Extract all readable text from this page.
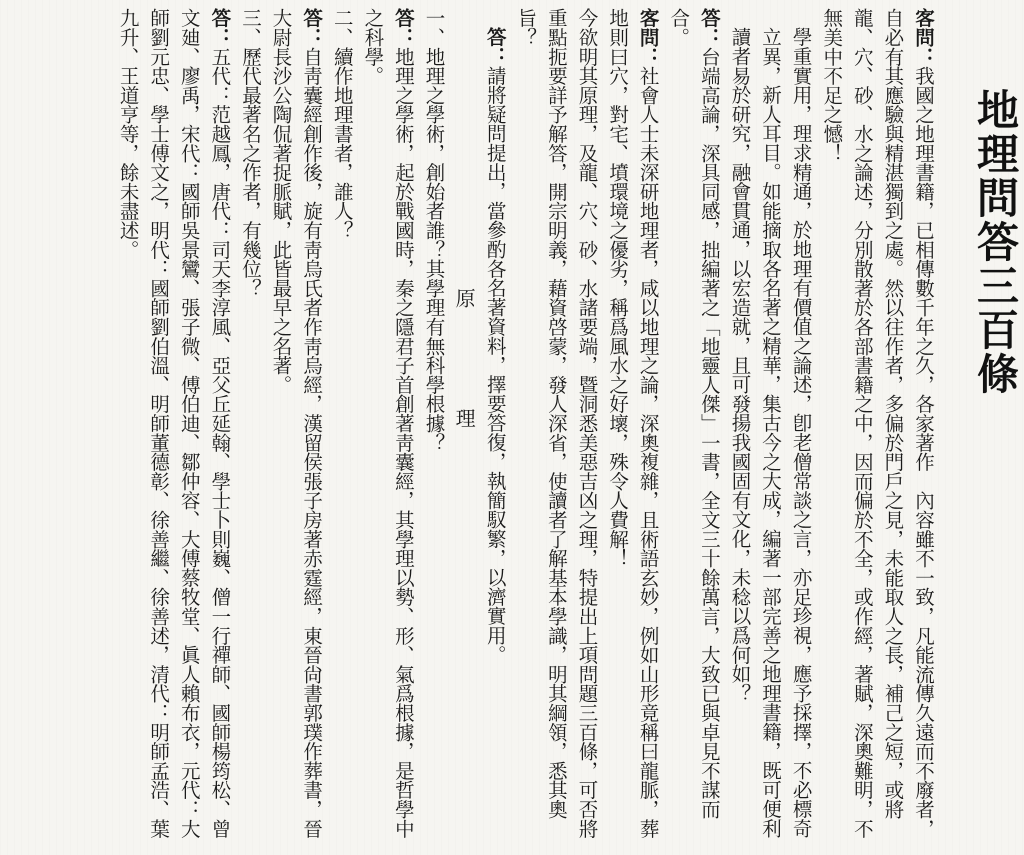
地理問答三百條
客問：我國之地理書籍，已相傳數千年之久，各家著作　內容雖不一致，凡能流傳久遠而不廢者，自必有其應驗與精湛獨到之處。然以往作者，多偏於門戶之見，未能取人之長，補己之短，或將龍、穴、砂、水之論述，分別散著於各部書籍之中，因而偏於不全，或作經，著賦，深奧難明，不無美中不足之憾！
學重實用，理求精通，於地理有價值之論述，卽老僧常談之言，亦足珍視，應予採擇，不必標奇立異，新人耳目。如能摘取各名著之精華，集古今之大成，編著一部完善之地理書籍，既可便利讀者易於研究，融會貫通，以宏造就，且可發揚我國固有文化，未稔以爲何如？
答：台端高論，深具同感，拙編著之「地靈人傑」一書，全文三十餘萬言，大致已與卓見不謀而合。
客問：社會人士未深研地理者，咸以地理之論，深奧複雜，且術語玄妙，例如山形竟稱曰龍脈，葬地則曰穴，對宅、墳環境之優劣，稱爲風水之好壞，殊令人費解！
今欲明其原理，及龍、穴、砂、水諸要端，暨洞悉美惡吉凶之理，特提出上項問題三百條，可否將重點扼要詳予解答，開宗明義，藉資啓蒙，發人深省，使讀者了解基本學識，明其綱領，悉其奧旨？
答：請將疑問提出，當參酌各名著資料，擇要答復，執簡馭繁，以濟實用。
原　理
一、地理之學術，創始者誰？其學理有無科學根據？
答：地理之學術，起於戰國時，秦之隱君子首創著靑囊經，其學理以勢、形、氣爲根據，是哲學中之科學。
二、續作地理書者，誰人？
答：自靑囊經創作後，旋有靑烏氏者作靑烏經，漢留侯張子房著赤霆經，東晉尙書郭璞作葬書，晉大尉長沙公陶侃著捉脈賦，此皆最早之名著。
三、歷代最著名之作者，有幾位？
答：五代：范越鳳，唐代：司天李淳風、亞父丘延翰、學士卜則巍、僧一行禪師、國師楊筠松、曾文廸、廖禹，宋代：國師吳景鸞、張子微、傅伯迪、鄒仲容、大傅蔡牧堂、眞人賴布衣，元代：大師劉元忠、學士傅文之，明代：國師劉伯溫、明師董德彰、徐善繼、徐善述，清代：明師孟浩、葉九升、王道亨等，餘未盡述。
